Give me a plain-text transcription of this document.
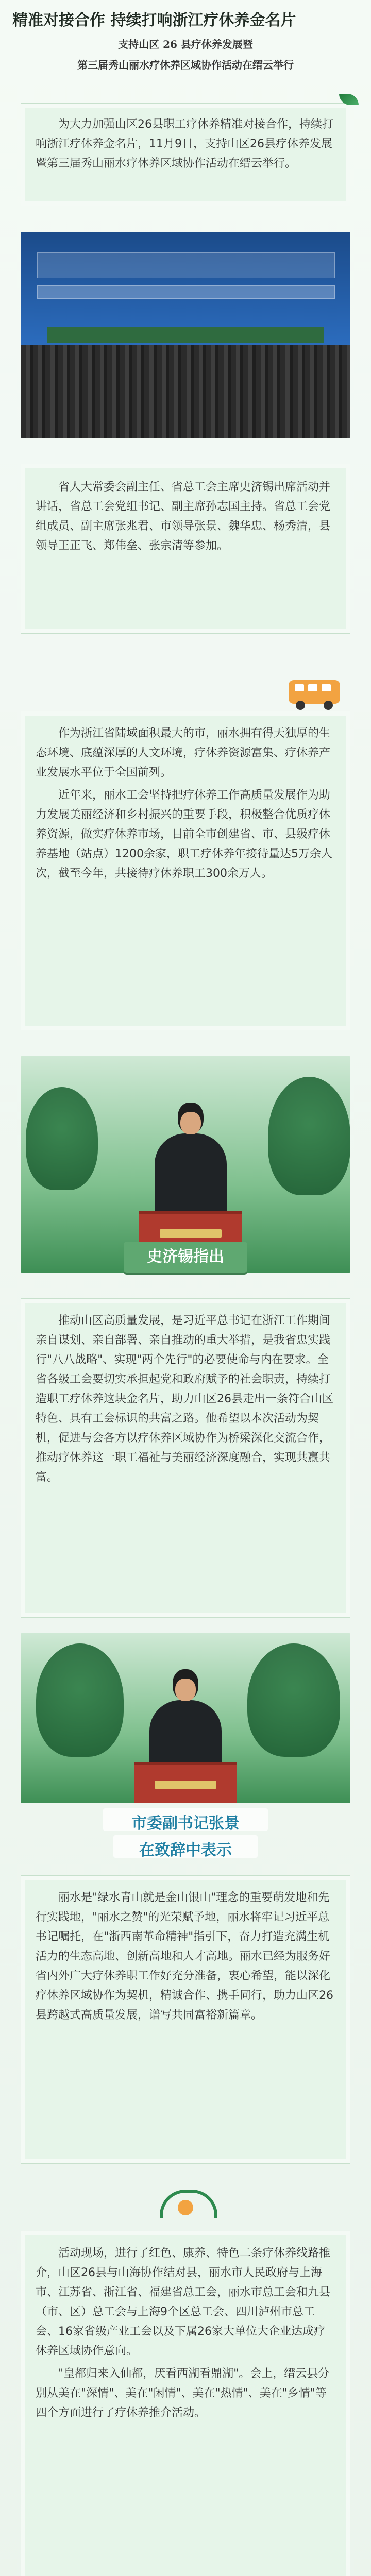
精准对接合作 持续打响浙江疗休养金名片
支持山区 26 县疗休养发展暨
第三届秀山丽水疗休养区域协作活动在缙云举行

为大力加强山区26县职工疗休养精准对接合作，持续打响浙江疗休养金名片，11月9日，支持山区26县疗休养发展暨第三届秀山丽水疗休养区域协作活动在缙云举行。

省人大常委会副主任、省总工会主席史济锡出席活动并讲话，省总工会党组书记、副主席孙志国主持。省总工会党组成员、副主席张兆君、市领导张景、魏华忠、杨秀清，县领导王正飞、郑伟垒、张宗清等参加。

作为浙江省陆域面积最大的市，丽水拥有得天独厚的生态环境、底蕴深厚的人文环境，疗休养资源富集、疗休养产业发展水平位于全国前列。

近年来，丽水工会坚持把疗休养工作高质量发展作为助力发展美丽经济和乡村振兴的重要手段，积极整合优质疗休养资源，做实疗休养市场，目前全市创建省、市、县级疗休养基地（站点）1200余家，职工疗休养年接待量达5万余人次，截至今年，共接待疗休养职工300余万人。

史济锡指出

推动山区高质量发展，是习近平总书记在浙江工作期间亲自谋划、亲自部署、亲自推动的重大举措，是我省忠实践行"八八战略"、实现"两个先行"的必要使命与内在要求。全省各级工会要切实承担起党和政府赋予的社会职责，持续打造职工疗休养这块金名片，助力山区26县走出一条符合山区特色、具有工会标识的共富之路。他希望以本次活动为契机，促进与会各方以疗休养区域协作为桥梁深化交流合作，推动疗休养这一职工福祉与美丽经济深度融合，实现共赢共富。

市委副书记张景
在致辞中表示

丽水是"绿水青山就是金山银山"理念的重要萌发地和先行实践地，"丽水之赞"的光荣赋予地，丽水将牢记习近平总书记嘱托，在"浙西南革命精神"指引下，奋力打造充满生机活力的生态高地、创新高地和人才高地。丽水已经为服务好省内外广大疗休养职工作好充分准备，衷心希望，能以深化疗休养区域协作为契机，精诚合作、携手同行，助力山区26县跨越式高质量发展，谱写共同富裕新篇章。

活动现场，进行了红色、康养、特色二条疗休养线路推介，山区26县与山海协作结对县，丽水市人民政府与上海市、江苏省、浙江省、福建省总工会，丽水市总工会和九县（市、区）总工会与上海9个区总工会、四川泸州市总工会、16家省级产业工会以及下属26家大单位大企业达成疗休养区域协作意向。

"皇都归来入仙都，厌看西湖看鼎湖"。会上，缙云县分别从美在"深情"、美在"闲情"、美在"热情"、美在"乡情"等四个方面进行了疗休养推介活动。
